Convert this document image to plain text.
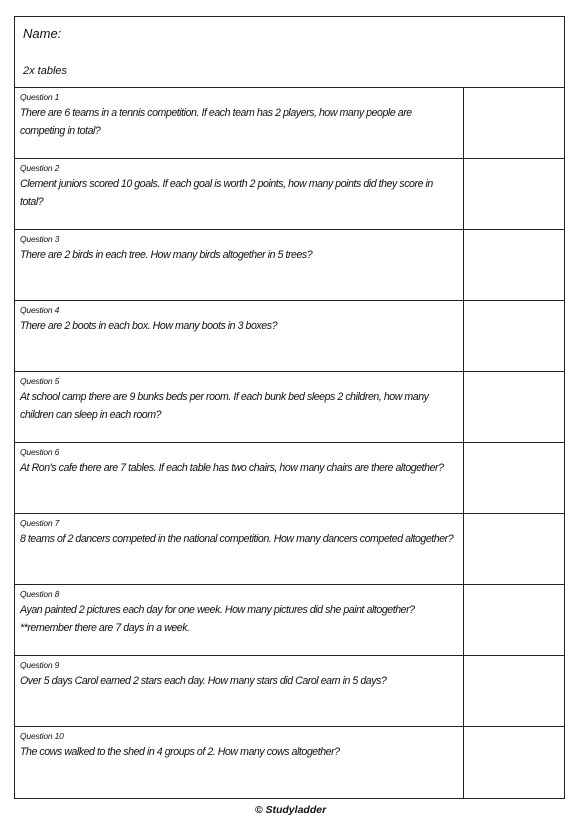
Name:
2x tables
Question 1
There are 6 teams in a tennis competition. If each team has 2 players, how many people are competing in total?
Question 2
Clement juniors scored 10 goals. If each goal is worth 2 points, how many points did they score in total?
Question 3
There are 2 birds in each tree. How many birds altogether in 5 trees?
Question 4
There are 2 boots in each box. How many boots in 3 boxes?
Question 5
At school camp there are 9 bunks beds per room. If each bunk bed sleeps 2 children, how many children can sleep in each room?
Question 6
At Ron's cafe there are 7 tables. If each table has two chairs, how many chairs are there altogether?
Question 7
8 teams of 2 dancers competed in the national competition. How many dancers competed altogether?
Question 8
Ayan painted 2 pictures each day for one week. How many pictures did she paint altogether? **remember there are 7 days in a week.
Question 9
Over 5 days Carol earned 2 stars each day. How many stars did Carol earn in 5 days?
Question 10
The cows walked to the shed in 4 groups of 2. How many cows altogether?
© Studyladder
